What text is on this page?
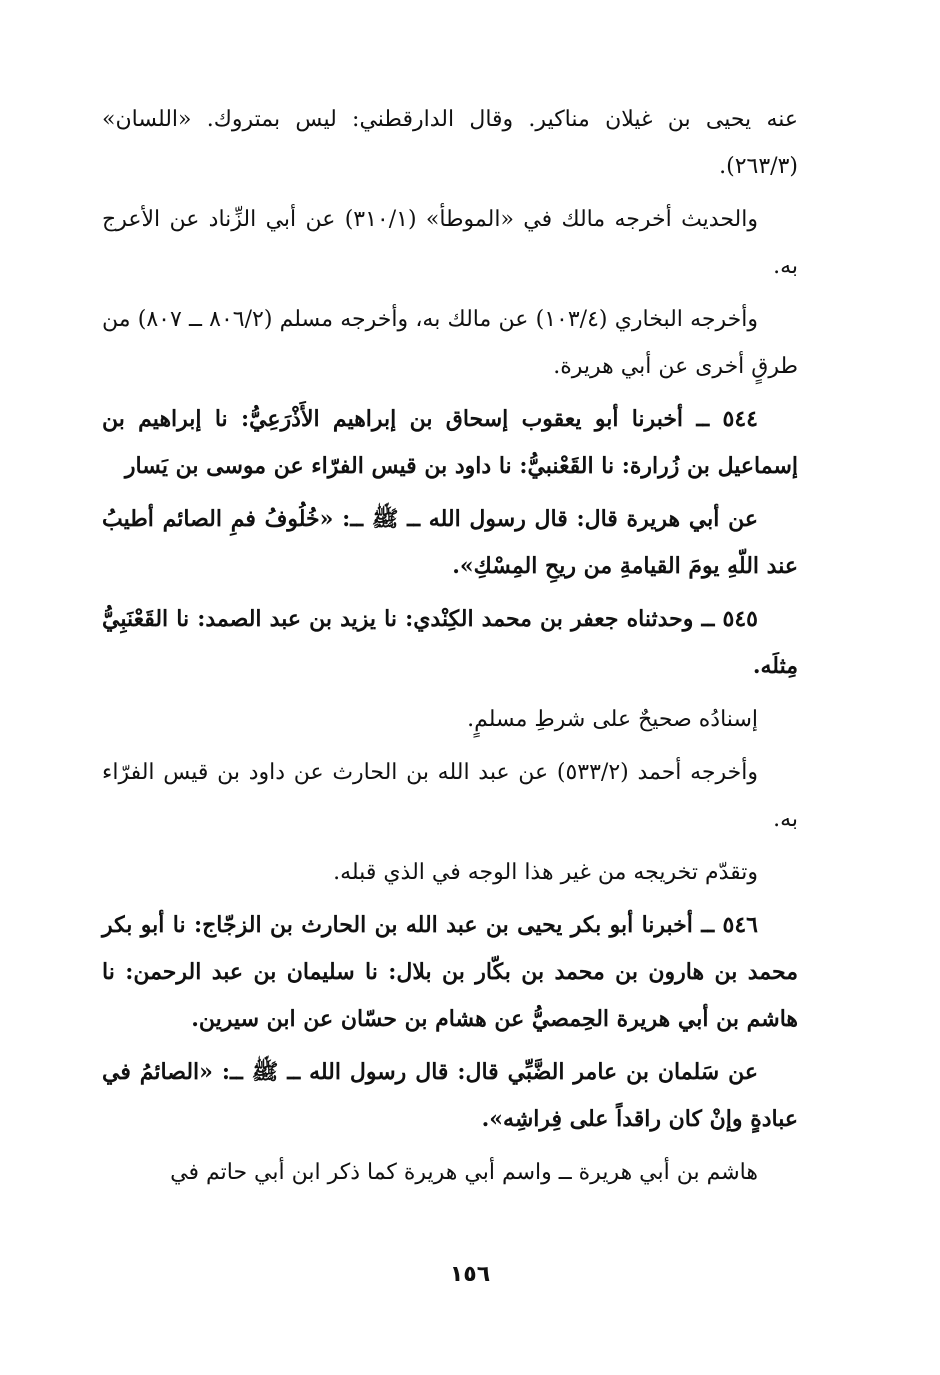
عنه يحيى بن غيلان مناكير. وقال الدارقطني: ليس بمتروك. «اللسان» (٢٦٣/٣).

والحديث أخرجه مالك في «الموطأ» (٣١٠/١) عن أبي الزِّناد عن الأعرج به.

وأخرجه البخاري (١٠٣/٤) عن مالك به، وأخرجه مسلم (٨٠٦/٢ ــ ٨٠٧) من طرقٍ أخرى عن أبي هريرة.

٥٤٤ ــ أخبرنا أبو يعقوب إسحاق بن إبراهيم الأَذْرَعِيُّ: نا إبراهيم بن إسماعيل بن زُرارة: نا القَعْنبيُّ: نا داود بن قيس الفرّاء عن موسى بن يَسار

عن أبي هريرة قال: قال رسول الله ــ ﷺ ــ: «خُلُوفُ فمِ الصائم أطيبُ عند اللّهِ يومَ القيامةِ من ريحِ المِسْكِ».

٥٤٥ ــ وحدثناه جعفر بن محمد الكِنْدي: نا يزيد بن عبد الصمد: نا القَعْنَبِيُّ مِثلَه.

إسنادُه صحيحٌ على شرطِ مسلمٍ.

وأخرجه أحمد (٥٣٣/٢) عن عبد الله بن الحارث عن داود بن قيس الفرّاء به.

وتقدّم تخريجه من غير هذا الوجه في الذي قبله.

٥٤٦ ــ أخبرنا أبو بكر يحيى بن عبد الله بن الحارث بن الزجّاج: نا أبو بكر محمد بن هارون بن محمد بن بكّار بن بلال: نا سليمان بن عبد الرحمن: نا هاشم بن أبي هريرة الحِمصيُّ عن هشام بن حسّان عن ابن سيرين.

عن سَلمان بن عامر الضَّبِّي قال: قال رسول الله ــ ﷺ ــ: «الصائمُ في عبادةٍ وإنْ كان راقداً على فِراشِه».

هاشم بن أبي هريرة ــ واسم أبي هريرة كما ذكر ابن أبي حاتم في

١٥٦
